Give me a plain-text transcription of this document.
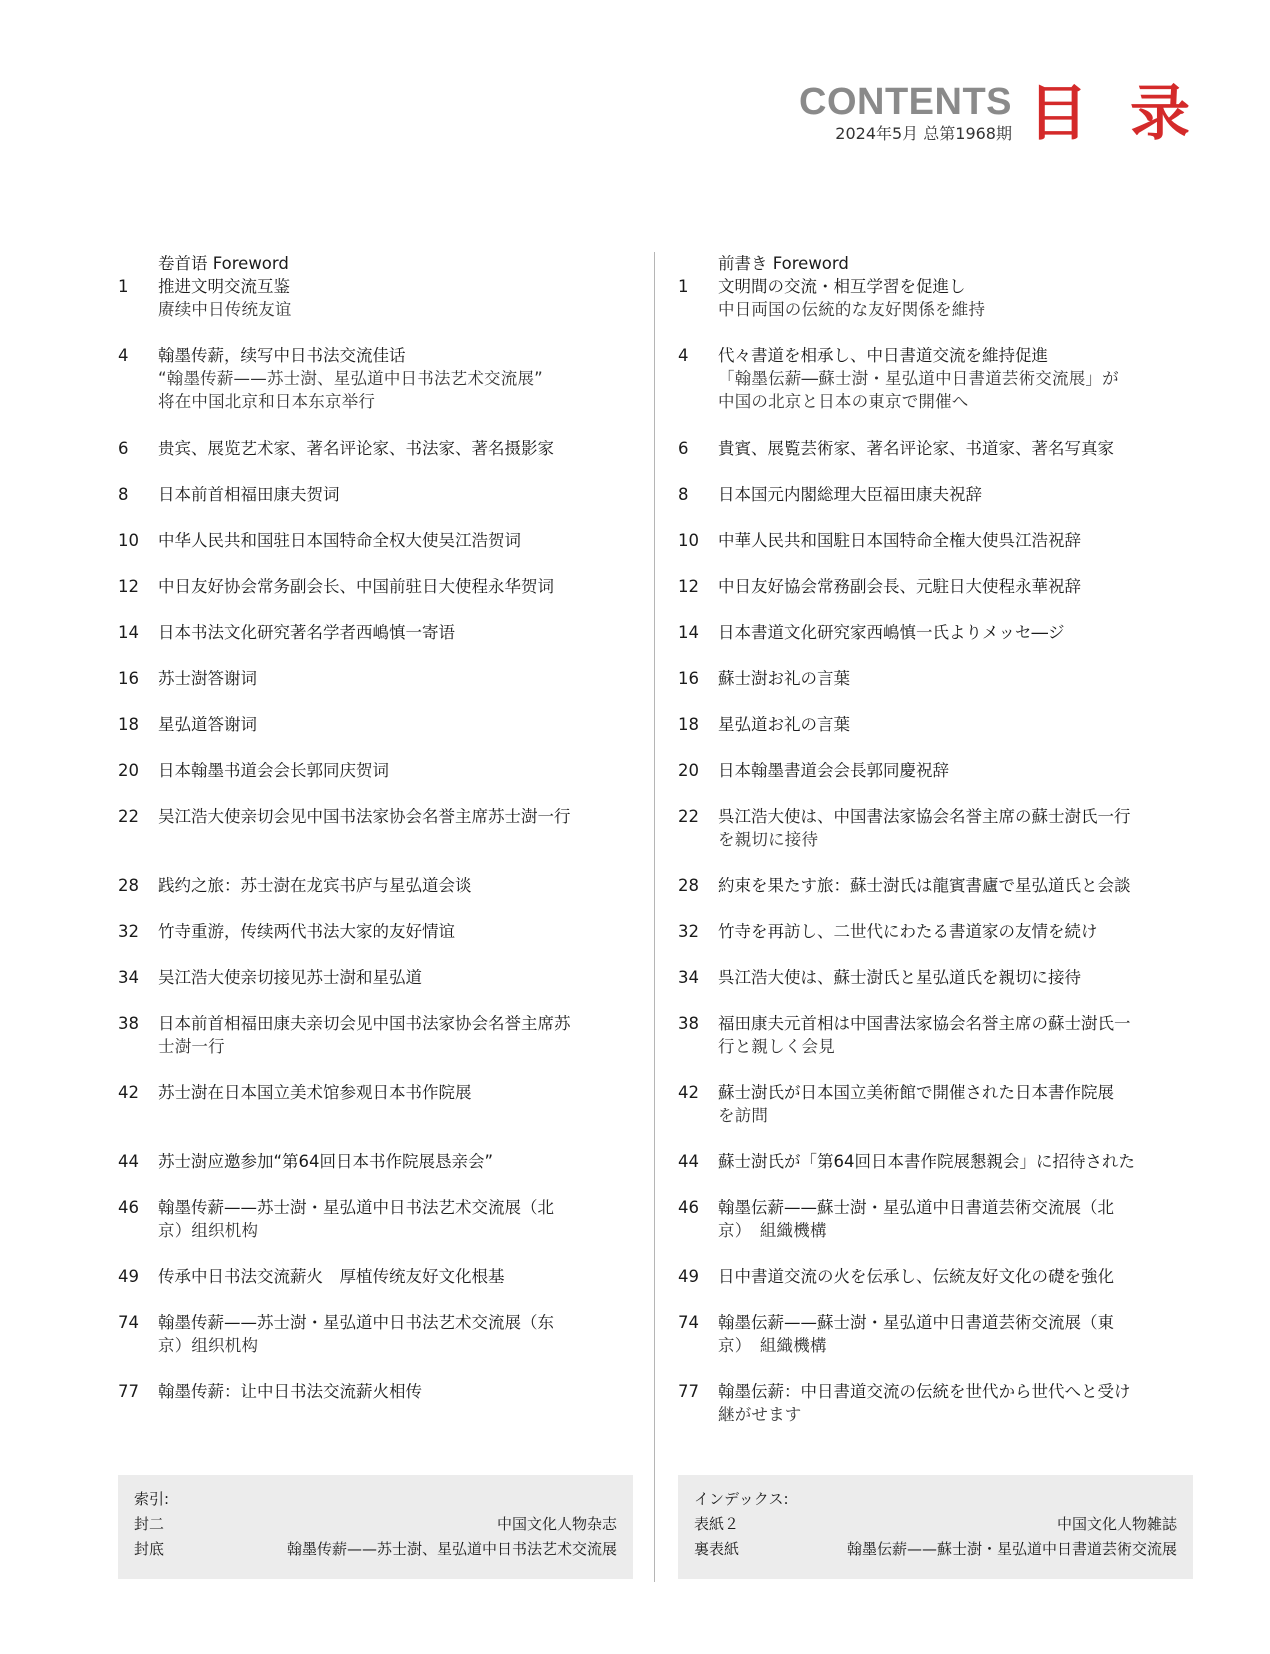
CONTENTS
2024年5月 总第1968期 目录
卷首语 Foreword
1	推进文明交流互鉴
赓续中日传统友谊
4	翰墨传薪，续写中日书法交流佳话
“翰墨传薪——苏士澍、星弘道中日书法艺术交流展”
将在中国北京和日本东京举行
6	贵宾、展览艺术家、著名评论家、书法家、著名摄影家
8	日本前首相福田康夫贺词
10	中华人民共和国驻日本国特命全权大使吴江浩贺词
12	中日友好协会常务副会长、中国前驻日大使程永华贺词
14	日本书法文化研究著名学者西嶋慎一寄语
16	苏士澍答谢词
18	星弘道答谢词
20	日本翰墨书道会会长郭同庆贺词
22	吴江浩大使亲切会见中国书法家协会名誉主席苏士澍一行
28	践约之旅：苏士澍在龙宾书庐与星弘道会谈
32	竹寺重游，传续两代书法大家的友好情谊
34	吴江浩大使亲切接见苏士澍和星弘道
38	日本前首相福田康夫亲切会见中国书法家协会名誉主席苏
士澍一行
42	苏士澍在日本国立美术馆参观日本书作院展
44	苏士澍应邀参加“第64回日本书作院展恳亲会”
46	翰墨传薪——苏士澍・星弘道中日书法艺术交流展（北
京）组织机构
49	传承中日书法交流薪火　厚植传统友好文化根基
74	翰墨传薪——苏士澍・星弘道中日书法艺术交流展（东
京）组织机构
77	翰墨传薪：让中日书法交流薪火相传
索引:
封二	中国文化人物杂志
封底	翰墨传薪——苏士澍、星弘道中日书法艺术交流展
前書き Foreword
1	文明間の交流・相互学習を促進し
中日両国の伝統的な友好関係を維持
4	代々書道を相承し、中日書道交流を維持促進
「翰墨伝薪―蘇士澍・星弘道中日書道芸術交流展」が
中国の北京と日本の東京で開催へ
6	貴賓、展覧芸術家、著名评论家、书道家、著名写真家
8	日本国元内閣総理大臣福田康夫祝辞
10	中華人民共和国駐日本国特命全権大使呉江浩祝辞
12	中日友好協会常務副会長、元駐日大使程永華祝辞
14	日本書道文化研究家西嶋慎一氏よりメッセ―ジ
16	蘇士澍お礼の言葉
18	星弘道お礼の言葉
20	日本翰墨書道会会長郭同慶祝辞
22	呉江浩大使は、中国書法家協会名誉主席の蘇士澍氏一行
を親切に接待
28	約束を果たす旅：蘇士澍氏は龍賓書廬で星弘道氏と会談
32	竹寺を再訪し、二世代にわたる書道家の友情を続け
34	呉江浩大使は、蘇士澍氏と星弘道氏を親切に接待
38	福田康夫元首相は中国書法家協会名誉主席の蘇士澍氏一
行と親しく会見
42	蘇士澍氏が日本国立美術館で開催された日本書作院展
を訪問
44	蘇士澍氏が「第64回日本書作院展懇親会」に招待された
46	翰墨伝薪——蘇士澍・星弘道中日書道芸術交流展（北
京）　組織機構
49	日中書道交流の火を伝承し、伝統友好文化の礎を強化
74	翰墨伝薪——蘇士澍・星弘道中日書道芸術交流展（東
京）　組織機構
77	翰墨伝薪：中日書道交流の伝統を世代から世代へと受け
継がせます
インデックス:
表紙２	中国文化人物雑誌
裏表紙	翰墨伝薪——蘇士澍・星弘道中日書道芸術交流展
